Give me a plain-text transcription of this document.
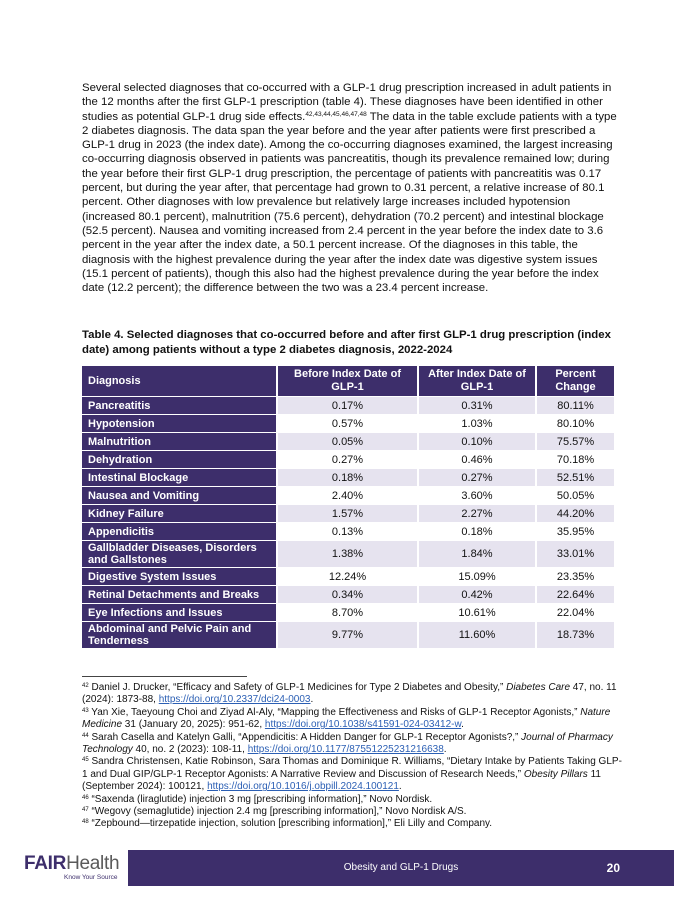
Several selected diagnoses that co-occurred with a GLP-1 drug prescription increased in adult patients in the 12 months after the first GLP-1 prescription (table 4). These diagnoses have been identified in other studies as potential GLP-1 drug side effects.$^{42,43,44,45,46,47,48}$ The data in the table exclude patients with a type 2 diabetes diagnosis. The data span the year before and the year after patients were first prescribed a GLP-1 drug in 2023 (the index date). Among the co-occurring diagnoses examined, the largest increasing co-occurring diagnosis observed in patients was pancreatitis, though its prevalence remained low; during the year before their first GLP-1 drug prescription, the percentage of patients with pancreatitis was 0.17 percent, but during the year after, that percentage had grown to 0.31 percent, a relative increase of 80.1 percent. Other diagnoses with low prevalence but relatively large increases included hypotension (increased 80.1 percent), malnutrition (75.6 percent), dehydration (70.2 percent) and intestinal blockage (52.5 percent). Nausea and vomiting increased from 2.4 percent in the year before the index date to 3.6 percent in the year after the index date, a 50.1 percent increase. Of the diagnoses in this table, the diagnosis with the highest prevalence during the year after the index date was digestive system issues (15.1 percent of patients), though this also had the highest prevalence during the year before the index date (12.2 percent); the difference between the two was a 23.4 percent increase.

Table 4. Selected diagnoses that co-occurred before and after first GLP-1 drug prescription (index date) among patients without a type 2 diabetes diagnosis, 2022-2024

Diagnosis	Before Index Date of GLP-1	After Index Date of GLP-1	Percent Change
Pancreatitis	0.17%	0.31%	80.11%
Hypotension	0.57%	1.03%	80.10%
Malnutrition	0.05%	0.10%	75.57%
Dehydration	0.27%	0.46%	70.18%
Intestinal Blockage	0.18%	0.27%	52.51%
Nausea and Vomiting	2.40%	3.60%	50.05%
Kidney Failure	1.57%	2.27%	44.20%
Appendicitis	0.13%	0.18%	35.95%
Gallbladder Diseases, Disorders and Gallstones	1.38%	1.84%	33.01%
Digestive System Issues	12.24%	15.09%	23.35%
Retinal Detachments and Breaks	0.34%	0.42%	22.64%
Eye Infections and Issues	8.70%	10.61%	22.04%
Abdominal and Pelvic Pain and Tenderness	9.77%	11.60%	18.73%

$^{42}$ Daniel J. Drucker, “Efficacy and Safety of GLP-1 Medicines for Type 2 Diabetes and Obesity,” Diabetes Care 47, no. 11 (2024): 1873-88, https://doi.org/10.2337/dci24-0003.

$^{43}$ Yan Xie, Taeyoung Choi and Ziyad Al-Aly, “Mapping the Effectiveness and Risks of GLP-1 Receptor Agonists,” Nature Medicine 31 (January 20, 2025): 951-62, https://doi.org/10.1038/s41591-024-03412-w.

$^{44}$ Sarah Casella and Katelyn Galli, “Appendicitis: A Hidden Danger for GLP-1 Receptor Agonists?,” Journal of Pharmacy Technology 40, no. 2 (2023): 108-11, https://doi.org/10.1177/87551225231216638.

$^{45}$ Sandra Christensen, Katie Robinson, Sara Thomas and Dominique R. Williams, “Dietary Intake by Patients Taking GLP-1 and Dual GIP/GLP-1 Receptor Agonists: A Narrative Review and Discussion of Research Needs,” Obesity Pillars 11 (September 2024): 100121, https://doi.org/10.1016/j.obpill.2024.100121.

$^{46}$ “Saxenda (liraglutide) injection 3 mg [prescribing information],” Novo Nordisk.

$^{47}$ “Wegovy (semaglutide) injection 2.4 mg [prescribing information],” Novo Nordisk A/S.

$^{48}$ “Zepbound—tirzepatide injection, solution [prescribing information],” Eli Lilly and Company.

FAIRHealth
Know Your Source
Obesity and GLP-1 Drugs	20
